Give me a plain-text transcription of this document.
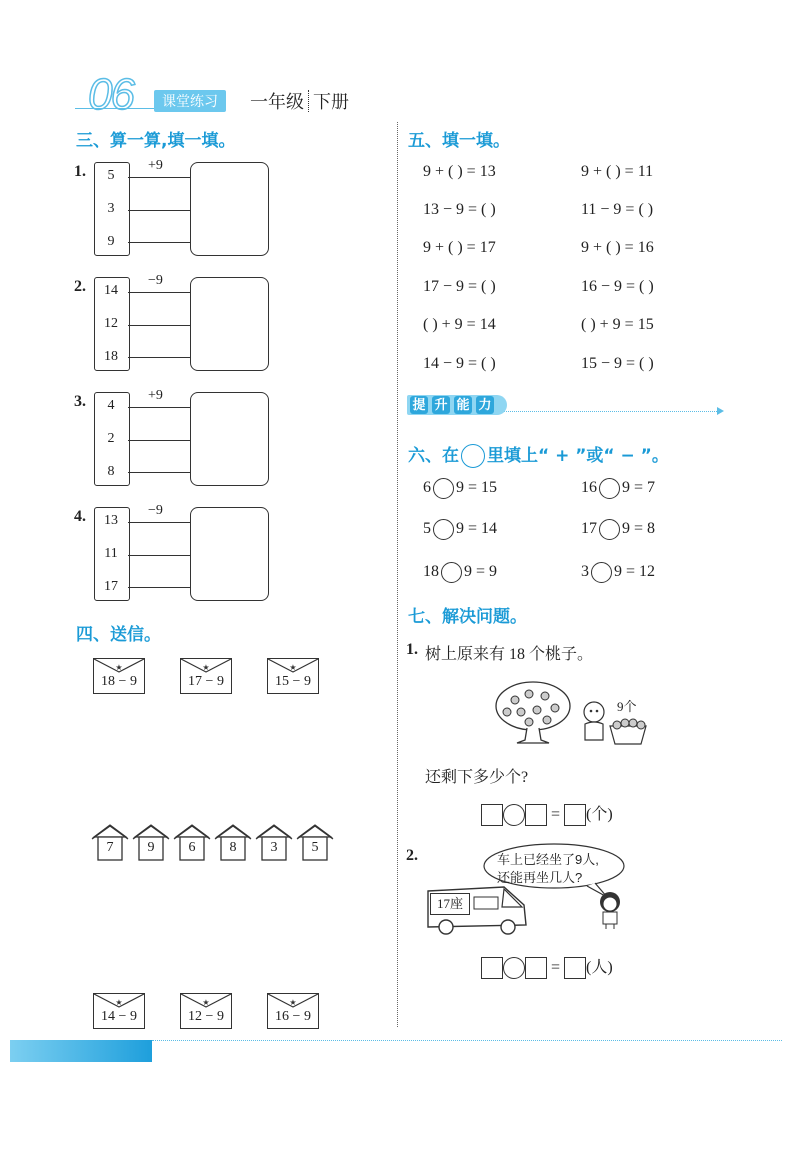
06	课堂练习	一年级 下册
三、算一算,填一填。
1.	5
3
9
+9
2.	14
12
18
−9
3.	4
2
8
+9
4.	13
11
17
−9
四、送信。
★
18 − 9
★
17 − 9
★
15 − 9
7	9	6	8	3	5
★
14 − 9
★
12 − 9
★
16 − 9
五、填一填。
9 + ( ) = 13	9 + ( ) = 11
13 − 9 = ( )	11 − 9 = ( )
9 + ( ) = 17	9 + ( ) = 16
17 − 9 = ( )	16 − 9 = ( )
( ) + 9 = 14	( ) + 9 = 15
14 − 9 = ( )	15 − 9 = ( )
提 升 能 力
六、在 里填上“ + ”或“ − ”。
6 9 = 15	16 9 = 7
5 9 = 14	17 9 = 8
18 9 = 9	3 9 = 12
七、解决问题。
1. 树上原来有 18 个桃子。
9个
还剩下多少个?
= (个)
2.	车上已经坐了9人,
还能再坐几人?
17座
= (人)
